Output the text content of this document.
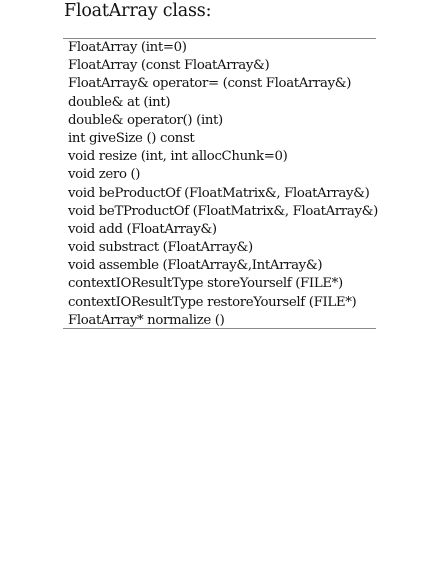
FloatArray class:
FloatArray (int=0)
FloatArray (const FloatArray&)
FloatArray& operator= (const FloatArray&)
double& at (int)
double& operator() (int)
int giveSize () const
void resize (int, int allocChunk=0)
void zero ()
void beProductOf (FloatMatrix&, FloatArray&)
void beTProductOf (FloatMatrix&, FloatArray&)
void add (FloatArray&)
void substract (FloatArray&)
void assemble (FloatArray&,IntArray&)
contextIOResultType storeYourself (FILE*)
contextIOResultType restoreYourself (FILE*)
FloatArray* normalize ()
